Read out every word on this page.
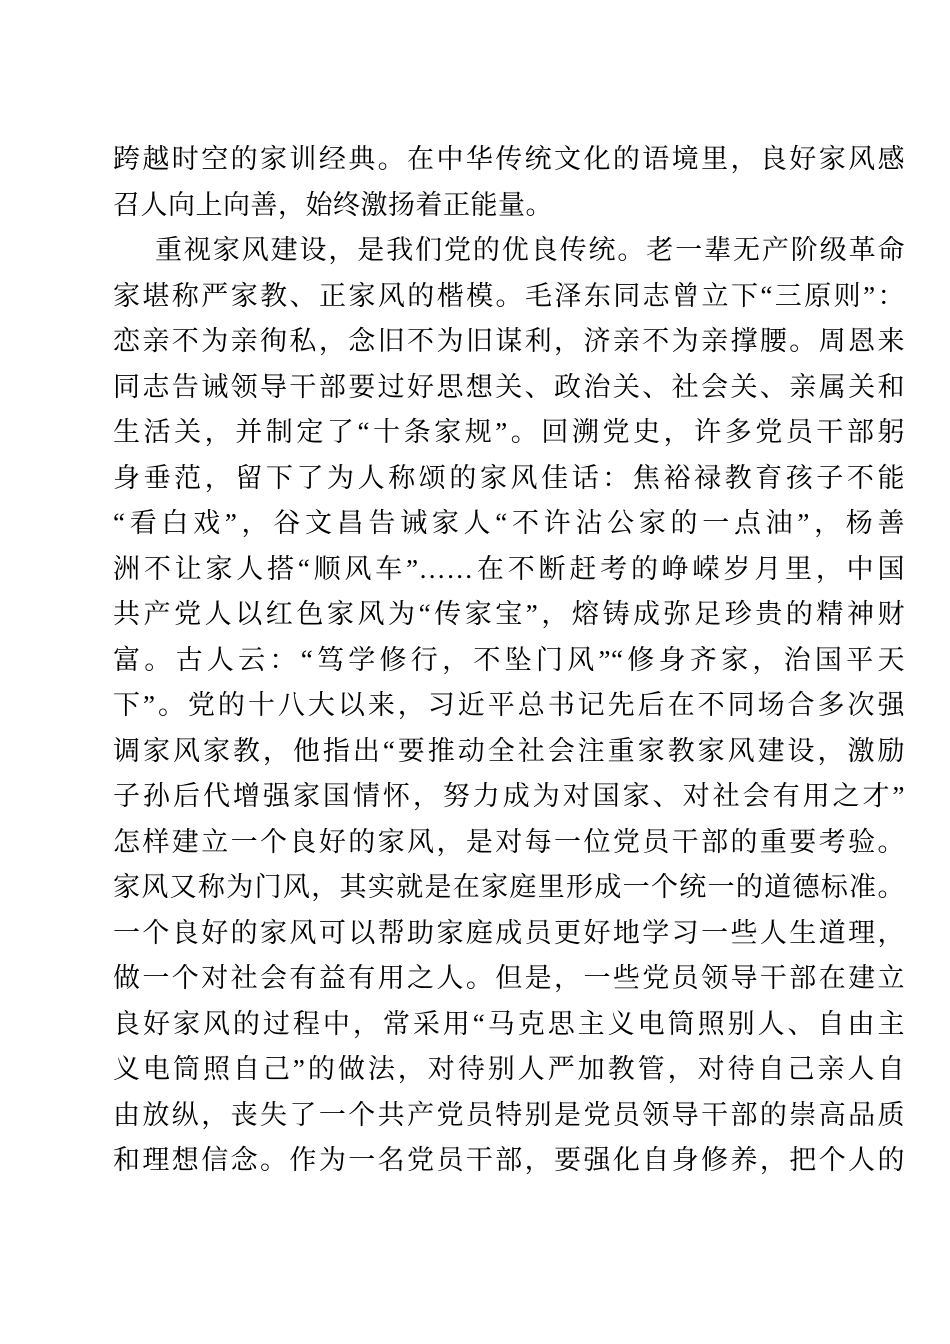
跨越时空的家训经典。在中华传统文化的语境里，良好家风感
召人向上向善，始终激扬着正能量。
重视家风建设，是我们党的优良传统。老一辈无产阶级革命
家堪称严家教、正家风的楷模。毛泽东同志曾立下“三原则”：
恋亲不为亲徇私，念旧不为旧谋利，济亲不为亲撑腰。周恩来
同志告诫领导干部要过好思想关、政治关、社会关、亲属关和
生活关，并制定了“十条家规”。回溯党史，许多党员干部躬
身垂范，留下了为人称颂的家风佳话：焦裕禄教育孩子不能
“看白戏”，谷文昌告诫家人“不许沾公家的一点油”，杨善
洲不让家人搭“顺风车”……在不断赶考的峥嵘岁月里，中国
共产党人以红色家风为“传家宝”，熔铸成弥足珍贵的精神财
富。古人云：“笃学修行，不坠门风”“修身齐家，治国平天
下”。党的十八大以来，习近平总书记先后在不同场合多次强
调家风家教，他指出“要推动全社会注重家教家风建设，激励
子孙后代增强家国情怀，努力成为对国家、对社会有用之才”
怎样建立一个良好的家风，是对每一位党员干部的重要考验。
家风又称为门风，其实就是在家庭里形成一个统一的道德标准。
一个良好的家风可以帮助家庭成员更好地学习一些人生道理，
做一个对社会有益有用之人。但是，一些党员领导干部在建立
良好家风的过程中，常采用“马克思主义电筒照别人、自由主
义电筒照自己”的做法，对待别人严加教管，对待自己亲人自
由放纵，丧失了一个共产党员特别是党员领导干部的崇高品质
和理想信念。作为一名党员干部，要强化自身修养，把个人的
